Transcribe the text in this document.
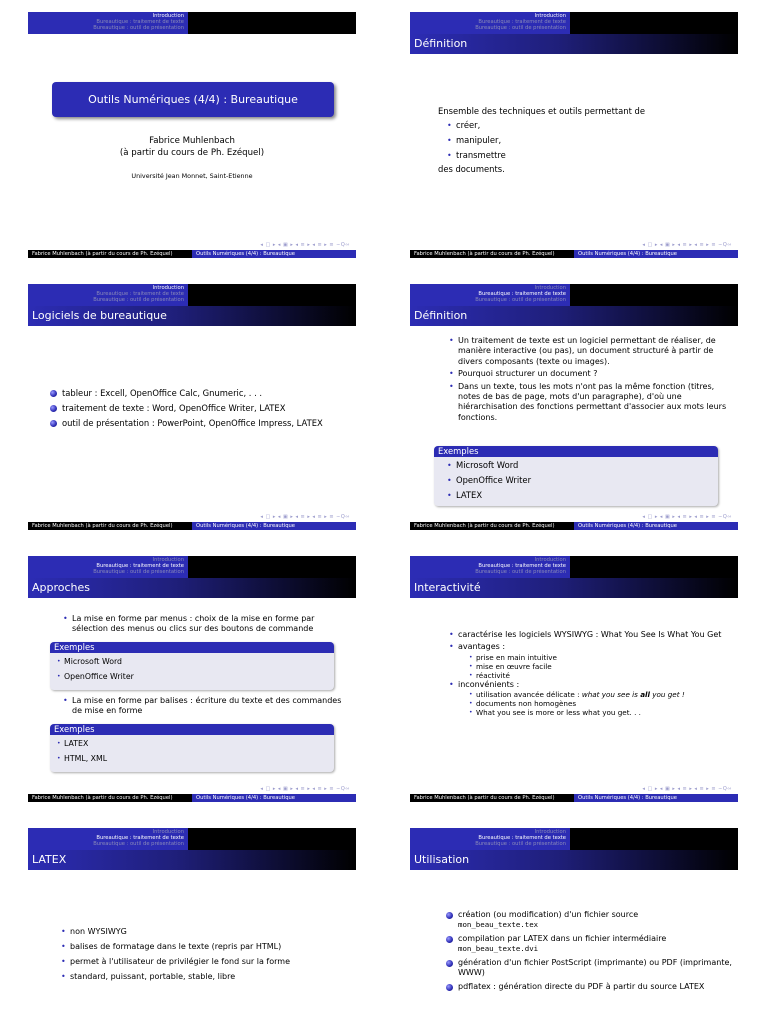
Introduction
Bureautique : traitement de texte
Bureautique : outil de présentation
Outils Numériques (4/4) : Bureautique
Fabrice Muhlenbach
(à partir du cours de Ph. Ezéquel)
Université Jean Monnet, Saint-Etienne
◂ □ ▸ ◂ ▣ ▸ ◂ ≡ ▸ ◂ ≡ ▸ ≡ ∽Q∾
Fabrice Muhlenbach (à partir du cours de Ph. Ezéquel)	Outils Numériques (4/4) : Bureautique
Introduction
Bureautique : traitement de texte
Bureautique : outil de présentation
Définition
Ensemble des techniques et outils permettant de
• créer,
• manipuler,
• transmettre
des documents.
◂ □ ▸ ◂ ▣ ▸ ◂ ≡ ▸ ◂ ≡ ▸ ≡ ∽Q∾
Fabrice Muhlenbach (à partir du cours de Ph. Ezéquel)	Outils Numériques (4/4) : Bureautique
Introduction
Bureautique : traitement de texte
Bureautique : outil de présentation
Logiciels de bureautique
tableur : Excell, OpenOffice Calc, Gnumeric, . . .
traitement de texte : Word, OpenOffice Writer, LATEX
outil de présentation : PowerPoint, OpenOffice Impress, LATEX
◂ □ ▸ ◂ ▣ ▸ ◂ ≡ ▸ ◂ ≡ ▸ ≡ ∽Q∾
Fabrice Muhlenbach (à partir du cours de Ph. Ezéquel)	Outils Numériques (4/4) : Bureautique
Introduction
Bureautique : traitement de texte
Bureautique : outil de présentation
Définition
• Un traitement de texte est un logiciel permettant de réaliser, de manière interactive (ou pas), un document structuré à partir de divers composants (texte ou images).
• Pourquoi structurer un document ?
• Dans un texte, tous les mots n'ont pas la même fonction (titres, notes de bas de page, mots d'un paragraphe), d'où une hiérarchisation des fonctions permettant d'associer aux mots leurs fonctions.
Exemples
• Microsoft Word
• OpenOffice Writer
• LATEX
◂ □ ▸ ◂ ▣ ▸ ◂ ≡ ▸ ◂ ≡ ▸ ≡ ∽Q∾
Fabrice Muhlenbach (à partir du cours de Ph. Ezéquel)	Outils Numériques (4/4) : Bureautique
Introduction
Bureautique : traitement de texte
Bureautique : outil de présentation
Approches
• La mise en forme par menus : choix de la mise en forme par sélection des menus ou clics sur des boutons de commande
Exemples
• Microsoft Word
• OpenOffice Writer
• La mise en forme par balises : écriture du texte et des commandes de mise en forme
Exemples
• LATEX
• HTML, XML
◂ □ ▸ ◂ ▣ ▸ ◂ ≡ ▸ ◂ ≡ ▸ ≡ ∽Q∾
Fabrice Muhlenbach (à partir du cours de Ph. Ezéquel)	Outils Numériques (4/4) : Bureautique
Introduction
Bureautique : traitement de texte
Bureautique : outil de présentation
Interactivité
• caractérise les logiciels WYSIWYG : What You See Is What You Get
• avantages :
• prise en main intuitive
• mise en œuvre facile
• réactivité
• inconvénients :
• utilisation avancée délicate : what you see is all you get !
• documents non homogènes
• What you see is more or less what you get. . .
◂ □ ▸ ◂ ▣ ▸ ◂ ≡ ▸ ◂ ≡ ▸ ≡ ∽Q∾
Fabrice Muhlenbach (à partir du cours de Ph. Ezéquel)	Outils Numériques (4/4) : Bureautique
Introduction
Bureautique : traitement de texte
Bureautique : outil de présentation
LATEX
• non WYSIWYG
• balises de formatage dans le texte (repris par HTML)
• permet à l'utilisateur de privilégier le fond sur la forme
• standard, puissant, portable, stable, libre
Introduction
Bureautique : traitement de texte
Bureautique : outil de présentation
Utilisation
création (ou modification) d'un fichier source
mon_beau_texte.tex
compilation par LATEX dans un fichier intermédiaire
mon_beau_texte.dvi
génération d'un fichier PostScript (imprimante) ou PDF (imprimante, WWW)
pdflatex : génération directe du PDF à partir du source LATEX
